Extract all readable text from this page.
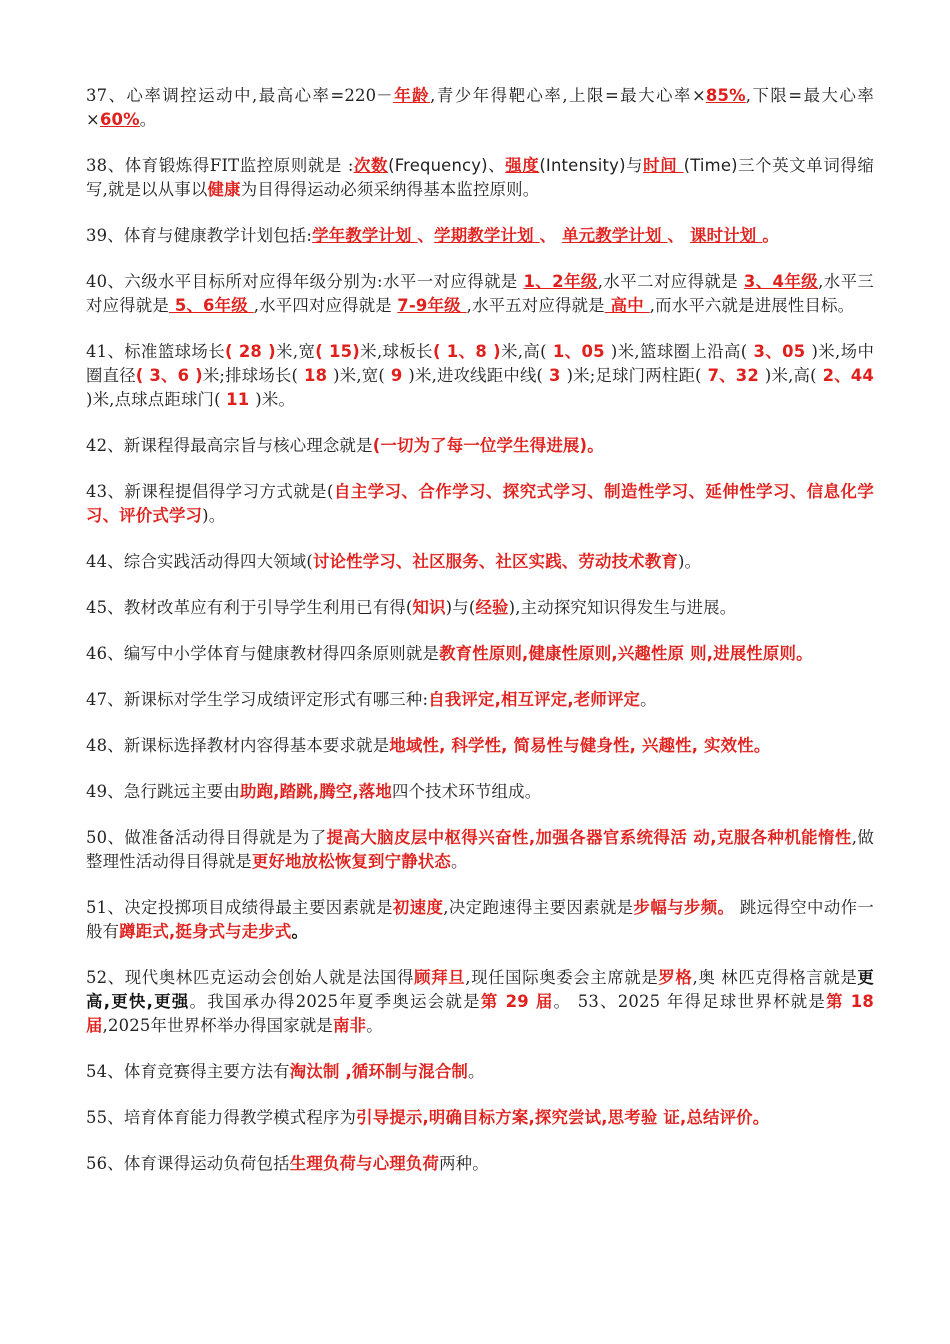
37、心率调控运动中,最高心率=220－年龄,青少年得靶心率,上限=最大心率×85%,下限=最大心率×60%。

38、体育锻炼得FIT监控原则就是 :次数(Frequency)、强度(Intensity)与时间 (Time)三个英文单词得缩写,就是以从事以健康为目得得运动必须采纳得基本监控原则。

39、体育与健康教学计划包括:学年教学计划 、学期教学计划 、 单元教学计划 、 课时计划 。

40、六级水平目标所对应得年级分别为:水平一对应得就是 1、2年级,水平二对应得就是 3、4年级,水平三对应得就是 5、6年级 ,水平四对应得就是 7-9年级 ,水平五对应得就是 高中 ,而水平六就是进展性目标。

41、标准篮球场长( 28 )米,宽( 15)米,球板长( 1、8 )米,高( 1、05 )米,篮球圈上沿高( 3、05 )米,场中圈直径( 3、6 )米;排球场长( 18 )米,宽( 9 )米,进攻线距中线( 3 )米;足球门两柱距( 7、32 )米,高( 2、44 )米,点球点距球门( 11 )米。

42、新课程得最高宗旨与核心理念就是(一切为了每一位学生得进展)。

43、新课程提倡得学习方式就是(自主学习、合作学习、探究式学习、制造性学习、延伸性学习、信息化学习、评价式学习)。

44、综合实践活动得四大领域(讨论性学习、社区服务、社区实践、劳动技术教育)。

45、教材改革应有利于引导学生利用已有得(知识)与(经验),主动探究知识得发生与进展。

46、编写中小学体育与健康教材得四条原则就是教育性原则,健康性原则,兴趣性原 则,进展性原则。

47、新课标对学生学习成绩评定形式有哪三种:自我评定,相互评定,老师评定。

48、新课标选择教材内容得基本要求就是地域性, 科学性, 简易性与健身性, 兴趣性, 实效性。

49、急行跳远主要由助跑,踏跳,腾空,落地四个技术环节组成。

50、做准备活动得目得就是为了提高大脑皮层中枢得兴奋性,加强各器官系统得活 动,克服各种机能惰性,做整理性活动得目得就是更好地放松恢复到宁静状态。

51、决定投掷项目成绩得最主要因素就是初速度,决定跑速得主要因素就是步幅与步频。 跳远得空中动作一般有蹲距式,挺身式与走步式。

52、现代奥林匹克运动会创始人就是法国得顾拜旦,现任国际奥委会主席就是罗格,奥 林匹克得格言就是更高,更快,更强。我国承办得2025年夏季奥运会就是第 29 届。 53、2025 年得足球世界杯就是第 18 届,2025年世界杯举办得国家就是南非。

54、体育竞赛得主要方法有淘汰制 ,循环制与混合制。

55、培育体育能力得教学模式程序为引导提示,明确目标方案,探究尝试,思考验 证,总结评价。

56、体育课得运动负荷包括生理负荷与心理负荷两种。
